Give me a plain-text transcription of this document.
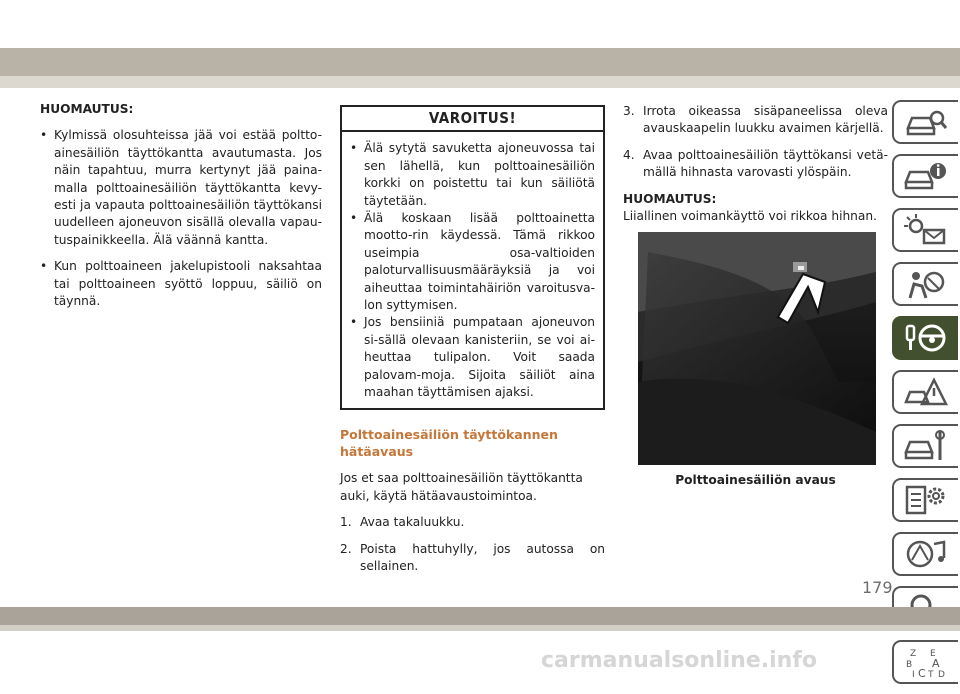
HUOMAUTUS:
• Kylmissä olosuhteissa jää voi estää poltto-ainesäiliön täyttökantta avautumasta. Jos näin tapahtuu, murra kertynyt jää paina-malla polttoainesäiliön täyttökantta kevy-esti ja vapauta polttoainesäiliön täyttökansi uudelleen ajoneuvon sisällä olevalla vapau-tuspainikkeella. Älä väännä kantta.
• Kun polttoaineen jakelupistooli naksahtaa tai polttoaineen syöttö loppuu, säiliö on täynnä.
VAROITUS!
• Älä sytytä savuketta ajoneuvossa tai sen lähellä, kun polttoainesäiliön korkki on poistettu tai kun säiliötä täytetään.
• Älä koskaan lisää polttoainetta mootto-rin käydessä. Tämä rikkoo useimpia osa-valtioiden paloturvallisuusmääräyksiä ja voi aiheuttaa toimintahäiriön varoitusva-lon syttymisen.
• Jos bensiiniä pumpataan ajoneuvon si-sällä olevaan kanisteriin, se voi ai-heuttaa tulipalon. Voit saada palovam-moja. Sijoita säiliöt aina maahan täyttämisen ajaksi.
Polttoainesäiliön täyttökannen hätäavaus
Jos et saa polttoainesäiliön täyttökantta auki, käytä hätäavaustoimintoa.
1. Avaa takaluukku.
2. Poista hattuhylly, jos autossa on sellainen.
3. Irrota oikeassa sisäpaneelissa oleva avauskaapelin luukku avaimen kärjellä.
4. Avaa polttoainesäiliön täyttökansi vetä-mällä hihnasta varovasti ylöspäin.
HUOMAUTUS:
Liiallinen voimankäyttö voi rikkoa hihnan.
Polttoainesäiliön avaus
Z E
B A
I C T D
179
carmanualsonline.info
